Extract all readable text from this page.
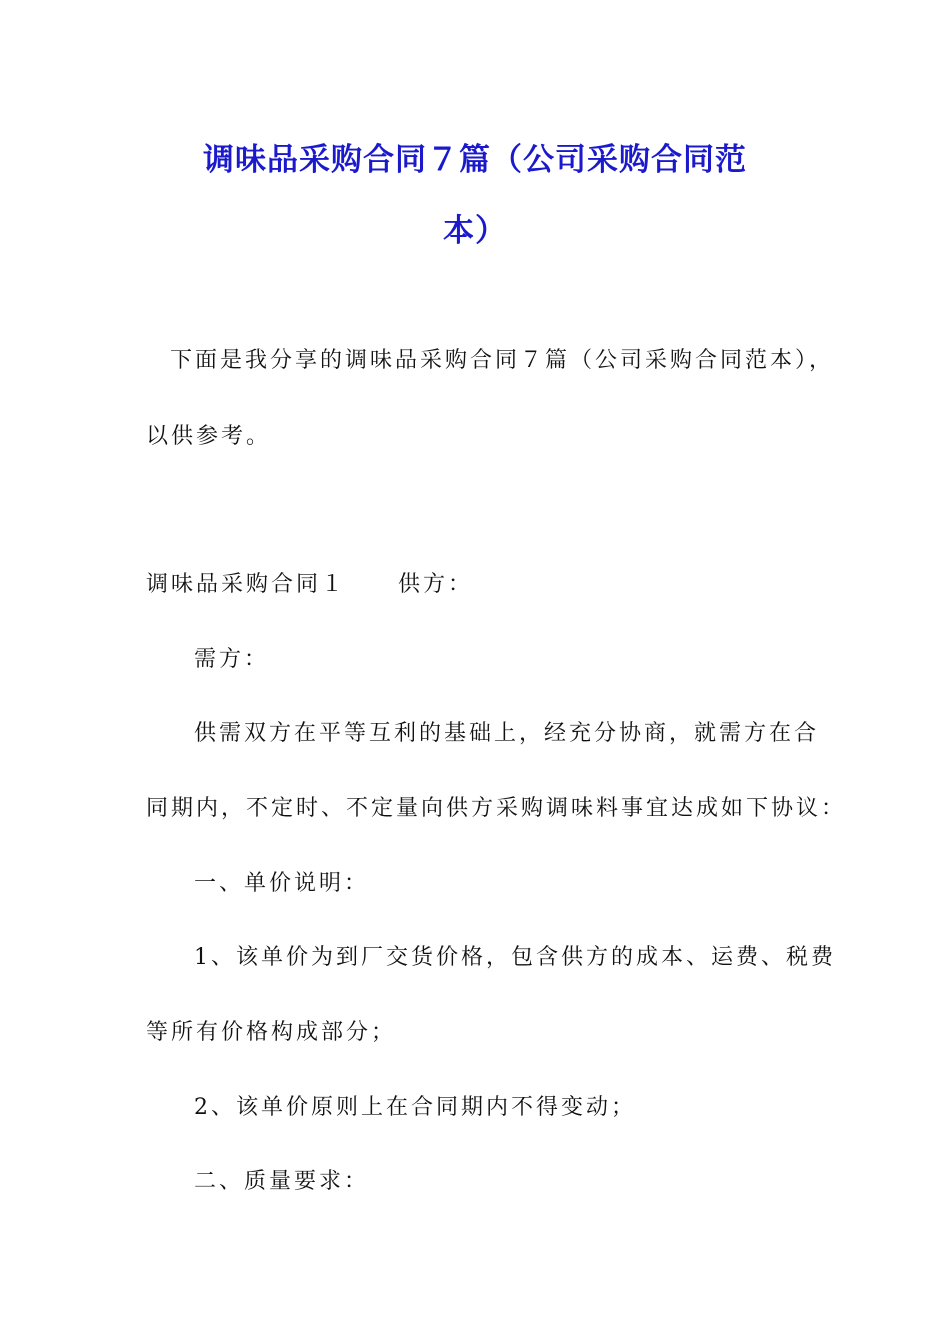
调味品采购合同７篇（公司采购合同范
本）

下面是我分享的调味品采购合同７篇（公司采购合同范本），

以供参考。

调味品采购合同１ 供方：

需方：

供需双方在平等互利的基础上，经充分协商，就需方在合

同期内，不定时、不定量向供方采购调味料事宜达成如下协议：

一、单价说明：

1、该单价为到厂交货价格，包含供方的成本、运费、税费

等所有价格构成部分；

2、该单价原则上在合同期内不得变动；

二、质量要求：
